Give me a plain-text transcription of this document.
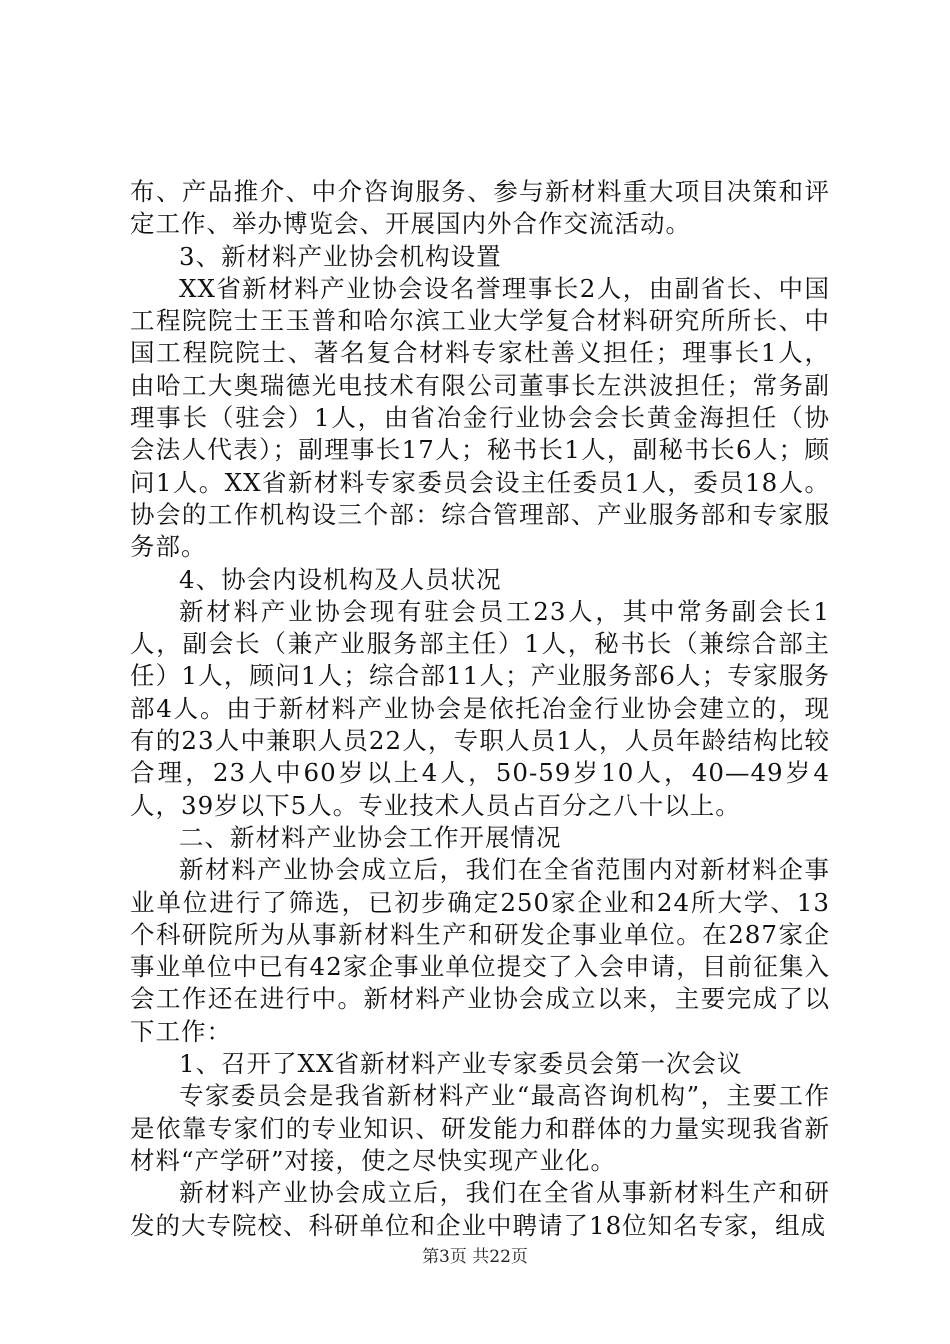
布、产品推介、中介咨询服务、参与新材料重大项目决策和评定工作、举办博览会、开展国内外合作交流活动。

3、新材料产业协会机构设置

XX省新材料产业协会设名誉理事长2人，由副省长、中国工程院院士王玉普和哈尔滨工业大学复合材料研究所所长、中国工程院院士、著名复合材料专家杜善义担任；理事长1人，由哈工大奥瑞德光电技术有限公司董事长左洪波担任；常务副理事长（驻会）1人，由省冶金行业协会会长黄金海担任（协会法人代表）；副理事长17人；秘书长1人，副秘书长6人；顾问1人。XX省新材料专家委员会设主任委员1人，委员18人。协会的工作机构设三个部：综合管理部、产业服务部和专家服务部。

4、协会内设机构及人员状况

新材料产业协会现有驻会员工23人，其中常务副会长1人，副会长（兼产业服务部主任）1人，秘书长（兼综合部主任）1人，顾问1人；综合部11人；产业服务部6人；专家服务部4人。由于新材料产业协会是依托冶金行业协会建立的，现有的23人中兼职人员22人，专职人员1人，人员年龄结构比较合理，23人中60岁以上4人，50-59岁10人，40—49岁4人，39岁以下5人。专业技术人员占百分之八十以上。

二、新材料产业协会工作开展情况

新材料产业协会成立后，我们在全省范围内对新材料企事业单位进行了筛选，已初步确定250家企业和24所大学、13个科研院所为从事新材料生产和研发企事业单位。在287家企事业单位中已有42家企事业单位提交了入会申请，目前征集入会工作还在进行中。新材料产业协会成立以来，主要完成了以下工作：

1、召开了XX省新材料产业专家委员会第一次会议

专家委员会是我省新材料产业“最高咨询机构”，主要工作是依靠专家们的专业知识、研发能力和群体的力量实现我省新材料“产学研”对接，使之尽快实现产业化。

新材料产业协会成立后，我们在全省从事新材料生产和研发的大专院校、科研单位和企业中聘请了18位知名专家，组成

第3页 共22页
